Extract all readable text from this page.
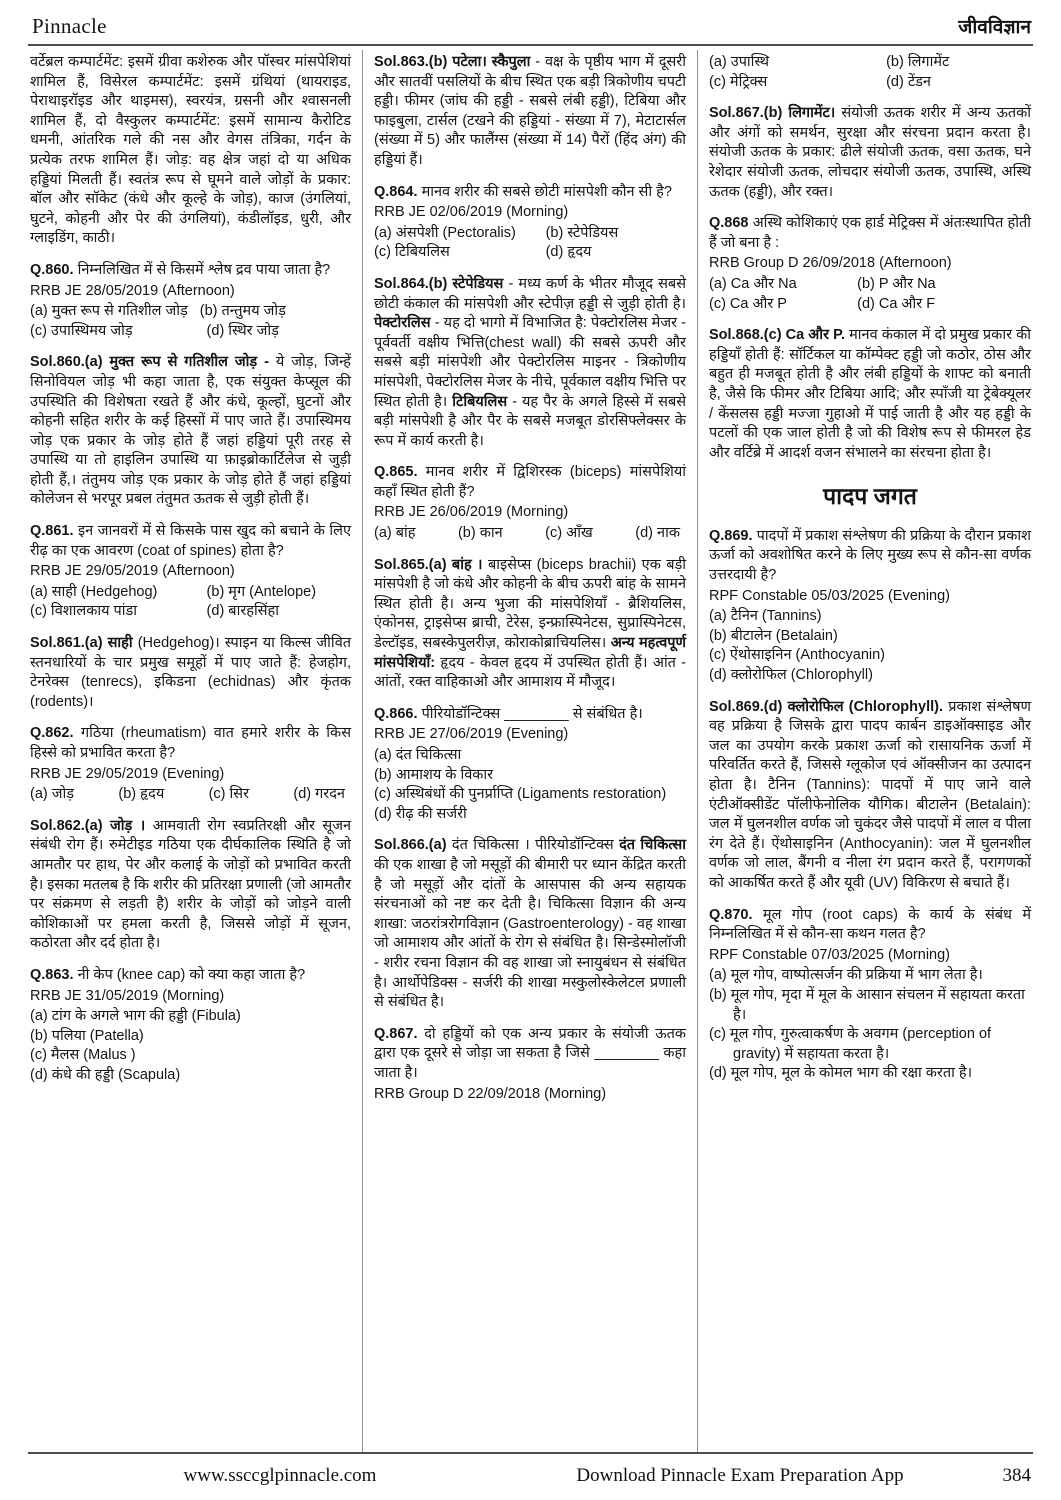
Pinnacle	जीवविज्ञान

वर्टेब्रल कम्पार्टमेंट: इसमें ग्रीवा कशेरुक और पॉस्चर मांसपेशियां शामिल हैं, विसेरल कम्पार्टमेंट: इसमें ग्रंथियां (थायराइड, पेराथाइरॉइड और थाइमस), स्वरयंत्र, ग्रसनी और श्वासनली शामिल हैं, दो वैस्कुलर कम्पार्टमेंट: इसमें सामान्य कैरोटिड धमनी, आंतरिक गले की नस और वेगस तंत्रिका, गर्दन के प्रत्येक तरफ शामिल हैं। जोड़: वह क्षेत्र जहां दो या अधिक हड्डियां मिलती हैं। स्वतंत्र रूप से घूमने वाले जोड़ों के प्रकार: बॉल और सॉकेट (कंधे और कूल्हे के जोड़), काज (उंगलियां, घुटने, कोहनी और पेर की उंगलियां), कंडीलॉइड, धुरी, और ग्लाइडिंग, काठी।

Q.860. निम्नलिखित में से किसमें श्लेष द्रव पाया जाता है?

RRB JE 28/05/2019 (Afternoon)

(a) मुक्त रूप से गतिशील जोड़ (b) तन्तुमय जोड़
(c) उपास्थिमय जोड़	(d) स्थिर जोड़

Sol.860.(a) मुक्त रूप से गतिशील जोड़ - ये जोड़, जिन्हें सिनोवियल जोड़ भी कहा जाता है, एक संयुक्त केप्सूल की उपस्थिति की विशेषता रखते हैं और कंधे, कूल्हों, घुटनों और कोहनी सहित शरीर के कई हिस्सों में पाए जाते हैं। उपास्थिमय जोड़ एक प्रकार के जोड़ होते हैं जहां हड्डियां पूरी तरह से उपास्थि या तो हाइलिन उपास्थि या फ़ाइब्रोकार्टिलेज से जुड़ी होती हैं,। तंतुमय जोड़ एक प्रकार के जोड़ होते हैं जहां हड्डियां कोलेजन से भरपूर प्रबल तंतुमत ऊतक से जुड़ी होती हैं।

Q.861. इन जानवरों में से किसके पास खुद को बचाने के लिए रीढ़ का एक आवरण (coat of spines) होता है?

RRB JE 29/05/2019 (Afternoon)

(a) साही (Hedgehog)	(b) मृग (Antelope)
(c) विशालकाय पांडा	(d) बारहसिंहा

Sol.861.(a) साही (Hedgehog)। स्पाइन या किल्स जीवित स्तनधारियों के चार प्रमुख समूहों में पाए जाते हैं: हेजहोग, टेनरेक्स (tenrecs), इकिडना (echidnas) और कृंतक (rodents)।

Q.862. गठिया (rheumatism) वात हमारे शरीर के किस हिस्से को प्रभावित करता है?

RRB JE 29/05/2019 (Evening)

(a) जोड़	(b) हृदय	(c) सिर	(d) गरदन

Sol.862.(a) जोड़ । आमवाती रोग स्वप्रतिरक्षी और सूजन संबंधी रोग हैं। रुमेटीइड गठिया एक दीर्घकालिक स्थिति है जो आमतौर पर हाथ, पेर और कलाई के जोड़ों को प्रभावित करती है। इसका मतलब है कि शरीर की प्रतिरक्षा प्रणाली (जो आमतौर पर संक्रमण से लड़ती है) शरीर के जोड़ों को जोड़ने वाली कोशिकाओं पर हमला करती है, जिससे जोड़ों में सूजन, कठोरता और दर्द होता है।

Q.863. नी केप (knee cap) को क्या कहा जाता है?

RRB JE 31/05/2019 (Morning)

(a) टांग के अगले भाग की हड्डी (Fibula)
(b) पलिया (Patella)
(c) मैलस (Malus )
(d) कंधे की हड्डी (Scapula)

Sol.863.(b) पटेला। स्कैपुला - वक्ष के पृष्ठीय भाग में दूसरी और सातवीं पसलियों के बीच स्थित एक बड़ी त्रिकोणीय चपटी हड्डी। फीमर (जांघ की हड्डी - सबसे लंबी हड्डी), टिबिया और फाइबुला, टार्सल (टखने की हड्डियां - संख्या में 7), मेटाटार्सल (संख्या में 5) और फालैंग्स (संख्या में 14) पैरों (हिंद अंग) की हड्डियां हैं।

Q.864. मानव शरीर की सबसे छोटी मांसपेशी कौन सी है?

RRB JE 02/06/2019 (Morning)

(a) अंसपेशी (Pectoralis)	(b) स्टेपेडियस
(c) टिबियलिस	(d) हृदय

Sol.864.(b) स्टेपेडियस - मध्य कर्ण के भीतर मौजूद सबसे छोटी कंकाल की मांसपेशी और स्टेपीज़ हड्डी से जुड़ी होती है। पेक्टोरलिस - यह दो भागो में विभाजित है: पेक्टोरलिस मेजर - पूर्ववर्ती वक्षीय भित्ति(chest wall) की सबसे ऊपरी और सबसे बड़ी मांसपेशी और पेक्टोरलिस माइनर - त्रिकोणीय मांसपेशी, पेक्टोरलिस मेजर के नीचे, पूर्वकाल वक्षीय भित्ति पर स्थित होती है। टिबियलिस - यह पैर के अगले हिस्से में सबसे बड़ी मांसपेशी है और पैर के सबसे मजबूत डोरसिफ्लेक्सर के रूप में कार्य करती है।

Q.865. मानव शरीर में द्विशिरस्क (biceps) मांसपेशियां कहाँ स्थित होती हैं?

RRB JE 26/06/2019 (Morning)

(a) बांह	(b) कान	(c) आँख	(d) नाक

Sol.865.(a) बांह । बाइसेप्स (biceps brachii) एक बड़ी मांसपेशी है जो कंधे और कोहनी के बीच ऊपरी बांह के सामने स्थित होती है। अन्य भुजा की मांसपेशियाँ - ब्रैशियलिस, एंकोनस, ट्राइसेप्स ब्राची, टेरेस, इन्फ्रास्पिनेटस, सुप्रास्पिनेटस, डेल्टॉइड, सबस्केपुलरीज़, कोराकोब्राचियलिस। अन्य महत्वपूर्ण मांसपेशियाँ: हृदय - केवल हृदय में उपस्थित होती हैं। आंत - आंतों, रक्त वाहिकाओ और आमाशय में मौजूद।

Q.866. पीरियोडॉन्टिक्स ________ से संबंधित है।

RRB JE 27/06/2019 (Evening)

(a) दंत चिकित्सा
(b) आमाशय के विकार
(c) अस्थिबंधों की पुनर्प्राप्ति (Ligaments restoration)
(d) रीढ़ की सर्जरी

Sol.866.(a) दंत चिकित्सा । पीरियोडॉन्टिक्स दंत चिकित्सा की एक शाखा है जो मसूड़ों की बीमारी पर ध्यान केंद्रित करती है जो मसूड़ों और दांतों के आसपास की अन्य सहायक संरचनाओं को नष्ट कर देती है। चिकित्सा विज्ञान की अन्य शाखा: जठरांत्ररोगविज्ञान (Gastroenterology) - वह शाखा जो आमाशय और आंतों के रोग से संबंधित है। सिन्डेस्मोलॉजी - शरीर रचना विज्ञान की वह शाखा जो स्नायुबंधन से संबंधित है। आर्थोपेडिक्स - सर्जरी की शाखा मस्कुलोस्केलेटल प्रणाली से संबंधित है।

Q.867. दो हड्डियों को एक अन्य प्रकार के संयोजी ऊतक द्वारा एक दूसरे से जोड़ा जा सकता है जिसे ________ कहा जाता है।

RRB Group D 22/09/2018 (Morning)

(a) उपास्थि	(b) लिगामेंट
(c) मेट्रिक्स	(d) टेंडन

Sol.867.(b) लिगामेंट। संयोजी ऊतक शरीर में अन्य ऊतकों और अंगों को समर्थन, सुरक्षा और संरचना प्रदान करता है। संयोजी ऊतक के प्रकार: ढीले संयोजी ऊतक, वसा ऊतक, घने रेशेदार संयोजी ऊतक, लोचदार संयोजी ऊतक, उपास्थि, अस्थि ऊतक (हड्डी), और रक्त।

Q.868 अस्थि कोशिकाएं एक हार्ड मेट्रिक्स में अंतःस्थापित होती हैं जो बना है :

RRB Group D 26/09/2018 (Afternoon)

(a) Ca और Na	(b) P और Na
(c) Ca और P	(d) Ca और F

Sol.868.(c) Ca और P. मानव कंकाल में दो प्रमुख प्रकार की हड्डियाँ होती हैं: सॉर्टिकल या कॉम्पेक्ट हड्डी जो कठोर, ठोस और बहुत ही मजबूत होती है और लंबी हड्डियों के शाफ्ट को बनाती है, जैसे कि फीमर और टिबिया आदि; और स्पाँजी या ट्रेबेक्यूलर / केंसलस हड्डी मज्जा गुहाओ में पाई जाती है और यह हड्डी के पटलों की एक जाल होती है जो की विशेष रूप से फीमरल हेड और वर्टिब्रे में आदर्श वजन संभालने का संरचना होता है।

पादप जगत

Q.869. पादपों में प्रकाश संश्लेषण की प्रक्रिया के दौरान प्रकाश ऊर्जा को अवशोषित करने के लिए मुख्य रूप से कौन-सा वर्णक उत्तरदायी है?

RPF Constable 05/03/2025 (Evening)

(a) टैनिन (Tannins)
(b) बीटालेन (Betalain)
(c) ऐंथोसाइनिन (Anthocyanin)
(d) क्लोरोफिल (Chlorophyll)

Sol.869.(d) क्लोरोफिल (Chlorophyll). प्रकाश संश्लेषण वह प्रक्रिया है जिसके द्वारा पादप कार्बन डाइऑक्साइड और जल का उपयोग करके प्रकाश ऊर्जा को रासायनिक ऊर्जा में परिवर्तित करते हैं, जिससे ग्लूकोज एवं ऑक्सीजन का उत्पादन होता है। टैनिन (Tannins): पादपों में पाए जाने वाले एंटीऑक्सीडेंट पॉलीफेनोलिक यौगिक। बीटालेन (Betalain): जल में घुलनशील वर्णक जो चुकंदर जैसे पादपों में लाल व पीला रंग देते हैं। ऐंथोसाइनिन (Anthocyanin): जल में घुलनशील वर्णक जो लाल, बैंगनी व नीला रंग प्रदान करते हैं, परागणकों को आकर्षित करते हैं और यूवी (UV) विकिरण से बचाते हैं।

Q.870. मूल गोप (root caps) के कार्य के संबंध में निम्नलिखित में से कौन-सा कथन गलत है?

RPF Constable 07/03/2025 (Morning)

(a) मूल गोप, वाष्पोत्सर्जन की प्रक्रिया में भाग लेता है।
(b) मूल गोप, मृदा में मूल के आसान संचलन में सहायता करता है।
(c) मूल गोप, गुरुत्वाकर्षण के अवगम (perception of gravity) में सहायता करता है।
(d) मूल गोप, मूल के कोमल भाग की रक्षा करता है।
www.ssccglpinnacle.com	Download Pinnacle Exam Preparation App	384
